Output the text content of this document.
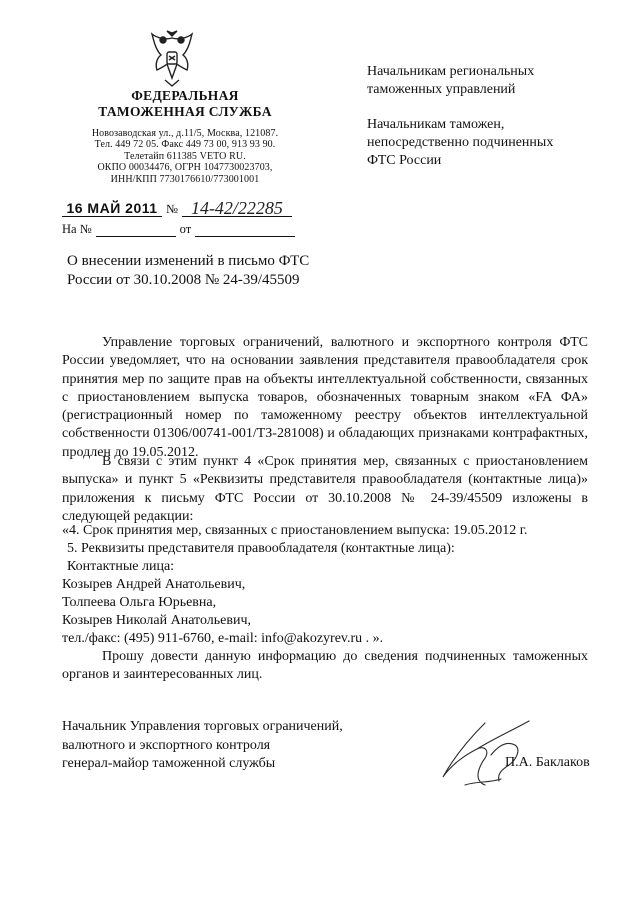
ФЕДЕРАЛЬНАЯ
ТАМОЖЕННАЯ СЛУЖБА
Новозаводская ул., д.11/5, Москва, 121087.
Тел. 449 72 05. Факс 449 73 00, 913 93 90.
Телетайп 611385 VETO RU.
ОКПО 00034476, ОГРН 1047730023703,
ИНН/КПП 7730176610/773001001
16 МАЙ 2011 № 14-42/22285
На №	от
О внесении изменений в письмо ФТС
России от 30.10.2008 № 24-39/45509
Начальникам региональных
таможенных управлений
Начальникам таможен,
непосредственно подчиненных
ФТС России
Управление торговых ограничений, валютного и экспортного контроля ФТС России уведомляет, что на основании заявления представителя правообладателя срок принятия мер по защите прав на объекты интеллектуальной собственности, связанных с приостановлением выпуска товаров, обозначенных товарным знаком «FA ФА» (регистрационный номер по таможенному реестру объектов интеллектуальной собственности 01306/00741-001/ТЗ-281008) и обладающих признаками контрафактных, продлен до 19.05.2012.
В связи с этим пункт 4 «Срок принятия мер, связанных с приостановлением выпуска» и пункт 5 «Реквизиты представителя правообладателя (контактные лица)» приложения к письму ФТС России от 30.10.2008 № 24-39/45509 изложены в следующей редакции:
«4. Срок принятия мер, связанных с приостановлением выпуска: 19.05.2012 г.
5. Реквизиты представителя правообладателя (контактные лица):
Контактные лица:
Козырев Андрей Анатольевич,
Толпеева Ольга Юрьевна,
Козырев Николай Анатольевич,
тел./факс: (495) 911-6760, e-mail: info@akozyrev.ru . ».
Прошу довести данную информацию до сведения подчиненных таможенных органов и заинтересованных лиц.
Начальник Управления торговых ограничений,
валютного и экспортного контроля
генерал-майор таможенной службы	П.А. Баклаков
